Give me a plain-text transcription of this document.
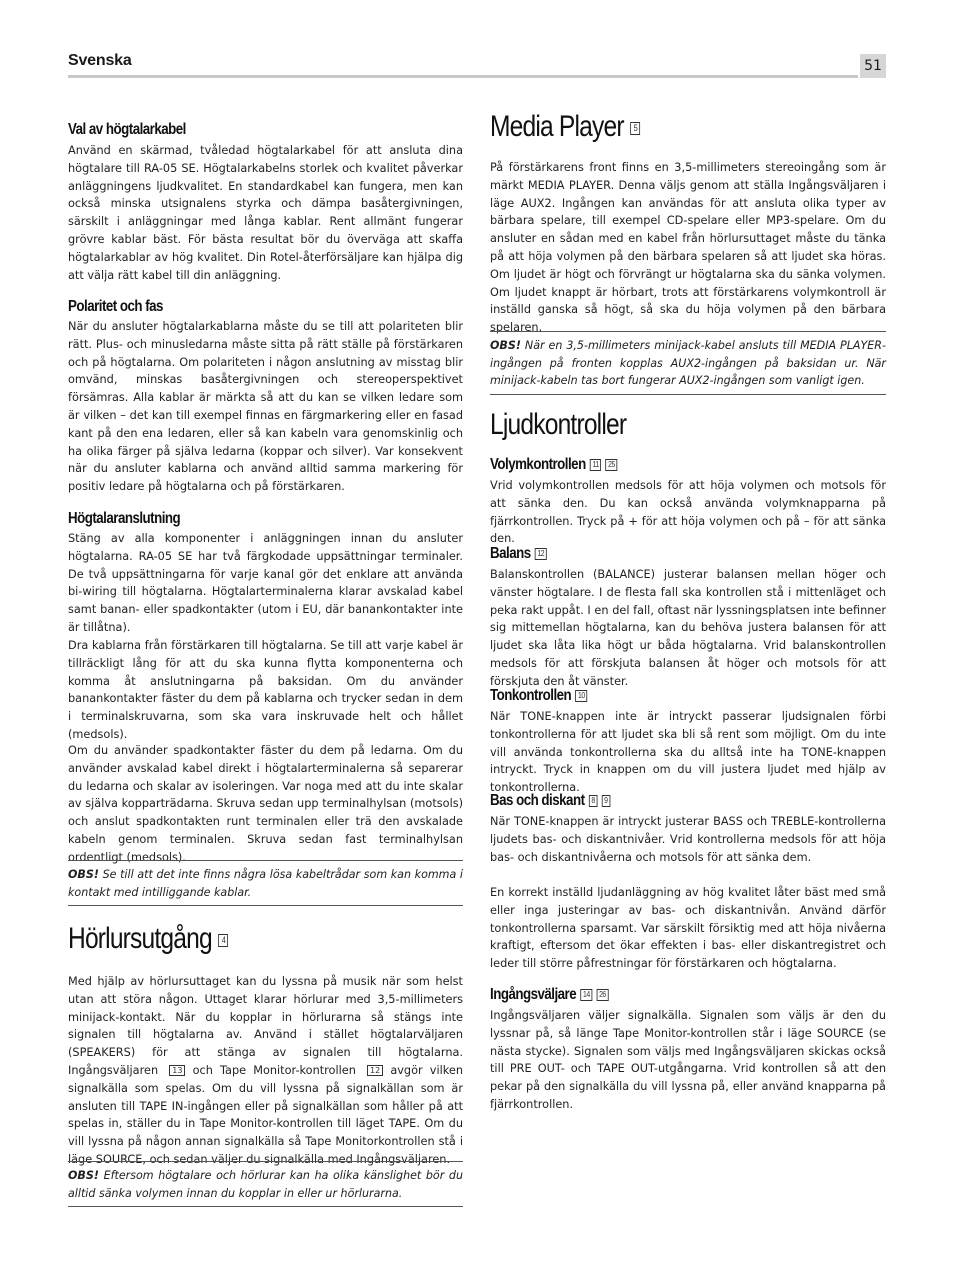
Svenska	51
Val av högtalarkabel
Använd en skärmad, tvåledad högtalarkabel för att ansluta dina högtalare till RA-05 SE. Högtalarkabelns storlek och kvalitet påverkar anläggningens ljudkvalitet. En standardkabel kan fungera, men kan också minska utsignalens styrka och dämpa basåtergivningen, särskilt i anläggningar med långa kablar. Rent allmänt fungerar grövre kablar bäst. För bästa resultat bör du överväga att skaffa högtalarkablar av hög kvalitet. Din Rotel-återförsäljare kan hjälpa dig att välja rätt kabel till din anläggning.
Polaritet och fas
När du ansluter högtalarkablarna måste du se till att polariteten blir rätt. Plus- och minusledarna måste sitta på rätt ställe på förstärkaren och på högtalarna. Om polariteten i någon anslutning av misstag blir omvänd, minskas basåtergivningen och stereoperspektivet försämras. Alla kablar är märkta så att du kan se vilken ledare som är vilken – det kan till exempel finnas en färgmarkering eller en fasad kant på den ena ledaren, eller så kan kabeln vara genomskinlig och ha olika färger på själva ledarna (koppar och silver). Var konsekvent när du ansluter kablarna och använd alltid samma markering för positiv ledare på högtalarna och på förstärkaren.
Högtalaranslutning
Stäng av alla komponenter i anläggningen innan du ansluter högtalarna. RA-05 SE har två färgkodade uppsättningar terminaler. De två uppsättningarna för varje kanal gör det enklare att använda bi-wiring till högtalarna. Högtalarterminalerna klarar avskalad kabel samt banan- eller spadkontakter (utom i EU, där banankontakter inte är tillåtna).
Dra kablarna från förstärkaren till högtalarna. Se till att varje kabel är tillräckligt lång för att du ska kunna flytta komponenterna och komma åt anslutningarna på baksidan. Om du använder banankontakter fäster du dem på kablarna och trycker sedan in dem i terminalskruvarna, som ska vara inskruvade helt och hållet (medsols).
Om du använder spadkontakter fäster du dem på ledarna. Om du använder avskalad kabel direkt i högtalarterminalerna så separerar du ledarna och skalar av isoleringen. Var noga med att du inte skalar av själva kopparträdarna. Skruva sedan upp terminalhylsan (motsols) och anslut spadkontakten runt terminalen eller trä den avskalade kabeln genom terminalen. Skruva sedan fast terminalhylsan ordentligt (medsols).
OBS! Se till att det inte finns några lösa kabeltrådar som kan komma i kontakt med intilliggande kablar.
Hörlursutgång 4
Med hjälp av hörlursuttaget kan du lyssna på musik när som helst utan att störa någon. Uttaget klarar hörlurar med 3,5-millimeters minijack-kontakt. När du kopplar in hörlurarna så stängs inte signalen till högtalarna av. Använd i stället högtalarväljaren (SPEAKERS) för att stänga av signalen till högtalarna. Ingångsväljaren 13 och Tape Monitor-kontrollen 12 avgör vilken signalkälla som spelas. Om du vill lyssna på signalkällan som är ansluten till TAPE IN-ingången eller på signalkällan som håller på att spelas in, ställer du in Tape Monitor-kontrollen till läget TAPE. Om du vill lyssna på någon annan signalkälla så Tape Monitorkontrollen stå i läge SOURCE, och sedan väljer du signalkälla med Ingångsväljaren.
OBS! Eftersom högtalare och hörlurar kan ha olika känslighet bör du alltid sänka volymen innan du kopplar in eller ur hörlurarna.
Media Player 5
På förstärkarens front finns en 3,5-millimeters stereoingång som är märkt MEDIA PLAYER. Denna väljs genom att ställa Ingångsväljaren i läge AUX2. Ingången kan användas för att ansluta olika typer av bärbara spelare, till exempel CD-spelare eller MP3-spelare. Om du ansluter en sådan med en kabel från hörlursuttaget måste du tänka på att höja volymen på den bärbara spelaren så att ljudet ska höras. Om ljudet är högt och förvrängt ur högtalarna ska du sänka volymen. Om ljudet knappt är hörbart, trots att förstärkarens volymkontroll är inställd ganska så högt, så ska du höja volymen på den bärbara spelaren.
OBS! När en 3,5-millimeters minijack-kabel ansluts till MEDIA PLAYER-ingången på fronten kopplas AUX2-ingången på baksidan ur. När minijack-kabeln tas bort fungerar AUX2-ingången som vanligt igen.
Ljudkontroller
Volymkontrollen 11 25
Vrid volymkontrollen medsols för att höja volymen och motsols för att sänka den. Du kan också använda volymknapparna på fjärrkontrollen. Tryck på + för att höja volymen och på – för att sänka den.
Balans 12
Balanskontrollen (BALANCE) justerar balansen mellan höger och vänster högtalare. I de flesta fall ska kontrollen stå i mittenläget och peka rakt uppåt. I en del fall, oftast när lyssningsplatsen inte befinner sig mittemellan högtalarna, kan du behöva justera balansen för att ljudet ska låta lika högt ur båda högtalarna. Vrid balanskontrollen medsols för att förskjuta balansen åt höger och motsols för att förskjuta den åt vänster.
Tonkontrollen 10
När TONE-knappen inte är intryckt passerar ljudsignalen förbi tonkontrollerna för att ljudet ska bli så rent som möjligt. Om du inte vill använda tonkontrollerna ska du alltså inte ha TONE-knappen intryckt. Tryck in knappen om du vill justera ljudet med hjälp av tonkontrollerna.
Bas och diskant 8 9
När TONE-knappen är intryckt justerar BASS och TREBLE-kontrollerna ljudets bas- och diskantnivåer. Vrid kontrollerna medsols för att höja bas- och diskantnivåerna och motsols för att sänka dem.
En korrekt inställd ljudanläggning av hög kvalitet låter bäst med små eller inga justeringar av bas- och diskantnivån. Använd därför tonkontrollerna sparsamt. Var särskilt försiktig med att höja nivåerna kraftigt, eftersom det ökar effekten i bas- eller diskantregistret och leder till större påfrestningar för förstärkaren och högtalarna.
Ingångsväljare 14 26
Ingångsväljaren väljer signalkälla. Signalen som väljs är den du lyssnar på, så länge Tape Monitor-kontrollen står i läge SOURCE (se nästa stycke). Signalen som väljs med Ingångsväljaren skickas också till PRE OUT- och TAPE OUT-utgångarna. Vrid kontrollen så att den pekar på den signalkälla du vill lyssna på, eller använd knapparna på fjärrkontrollen.
